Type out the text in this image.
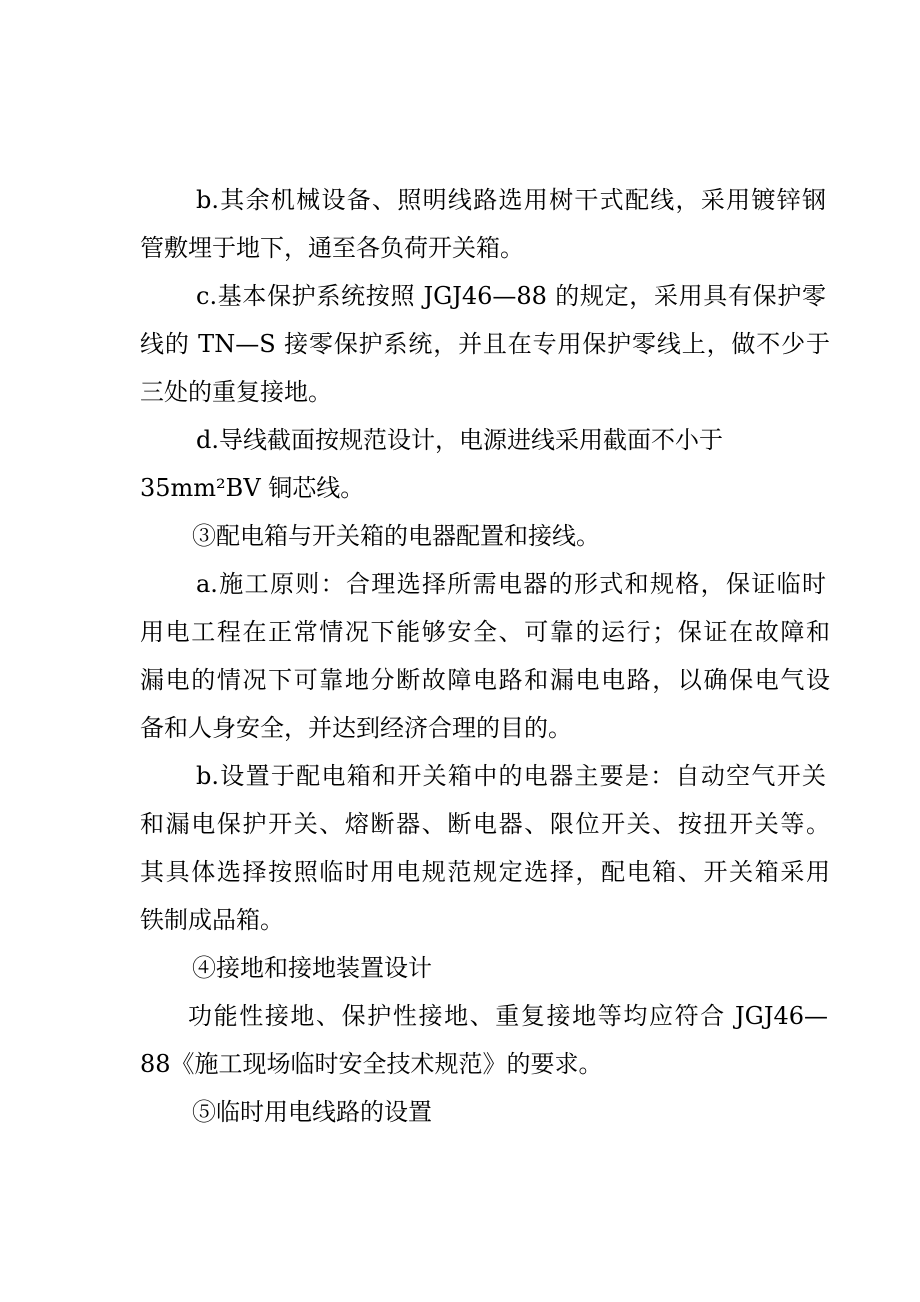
b.其余机械设备、照明线路选用树干式配线，采用镀锌钢
管敷埋于地下，通至各负荷开关箱。
c.基本保护系统按照 JGJ46—88 的规定，采用具有保护零
线的 TN—S 接零保护系统，并且在专用保护零线上，做不少于
三处的重复接地。
d.导线截面按规范设计，电源进线采用截面不小于
35mm²BV 铜芯线。
③配电箱与开关箱的电器配置和接线。
a.施工原则：合理选择所需电器的形式和规格，保证临时
用电工程在正常情况下能够安全、可靠的运行；保证在故障和
漏电的情况下可靠地分断故障电路和漏电电路，以确保电气设
备和人身安全，并达到经济合理的目的。
b.设置于配电箱和开关箱中的电器主要是：自动空气开关
和漏电保护开关、熔断器、断电器、限位开关、按扭开关等。
其具体选择按照临时用电规范规定选择，配电箱、开关箱采用
铁制成品箱。
④接地和接地装置设计
功能性接地、保护性接地、重复接地等均应符合 JGJ46—
88《施工现场临时安全技术规范》的要求。
⑤临时用电线路的设置
